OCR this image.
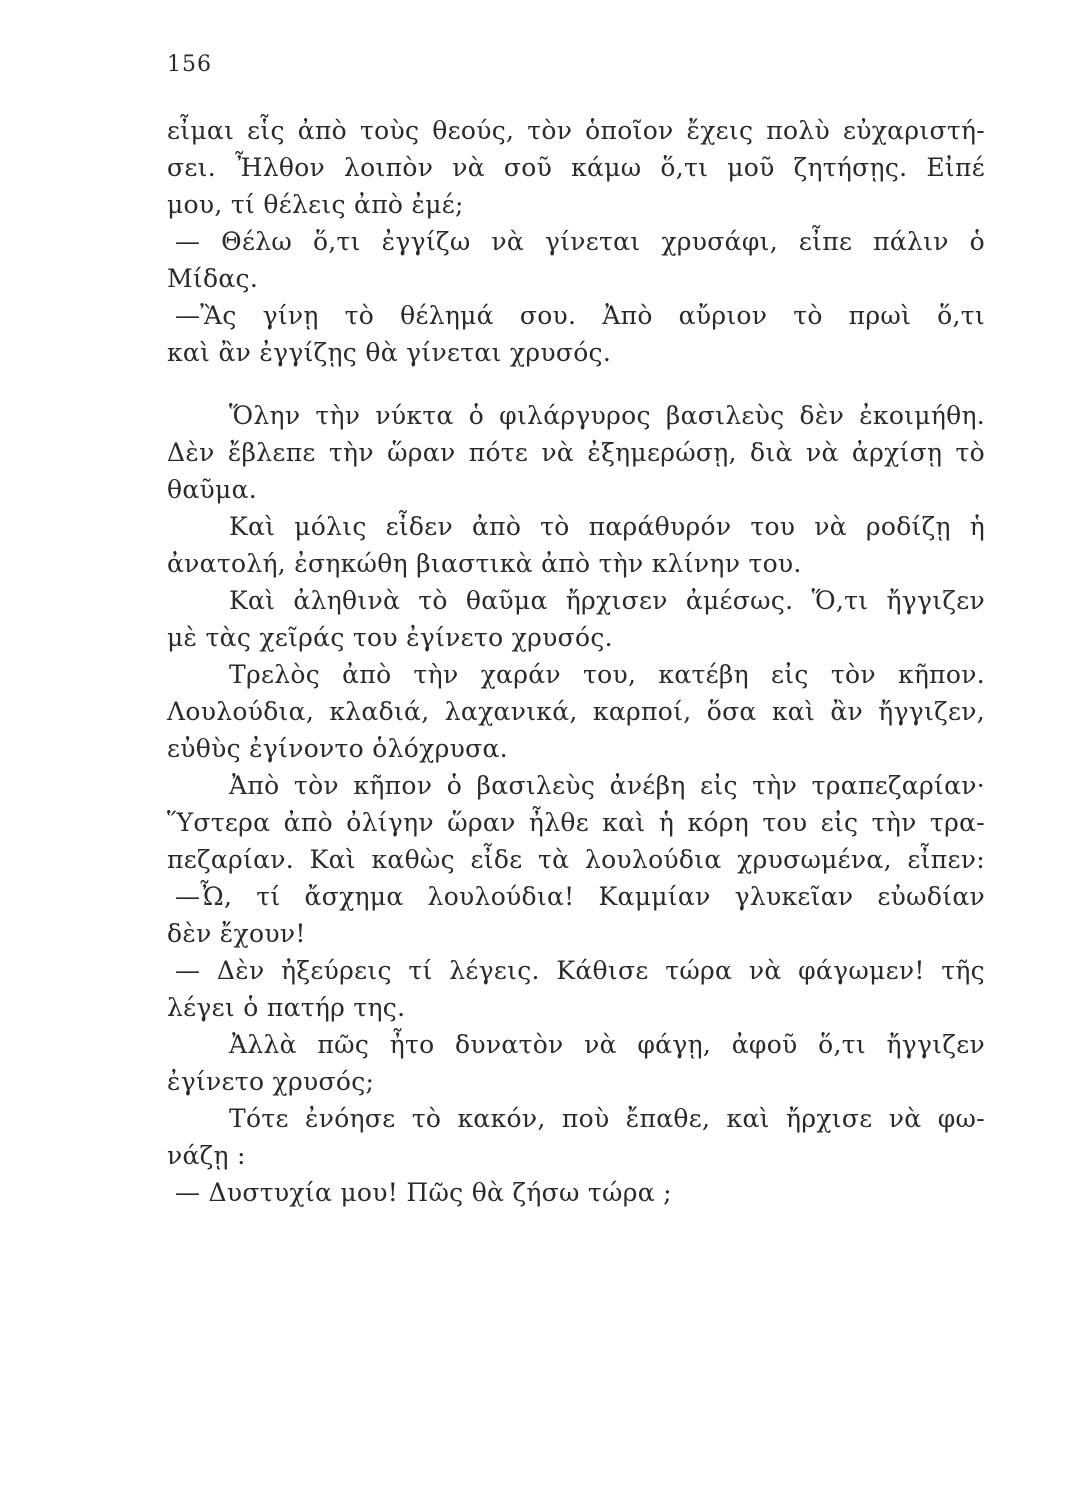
156
εἶμαι εἷς ἀπὸ τοὺς θεούς, τὸν ὁποῖον ἔχεις πολὺ εὐχαριστή-
σει. Ἦλθον λοιπὸν νὰ σοῦ κάμω ὅ,τι μοῦ ζητήσῃς. Εἰπέ
μου, τί θέλεις ἀπὸ ἐμέ;
— Θέλω ὅ,τι ἐγγίζω νὰ γίνεται χρυσάφι, εἶπε πάλιν ὁ
Μίδας.
—Ἂς γίνῃ τὸ θέλημά σου. Ἀπὸ αὔριον τὸ πρωὶ ὅ,τι
καὶ ἂν ἐγγίζῃς θὰ γίνεται χρυσός.
Ὅλην τὴν νύκτα ὁ φιλάργυρος βασιλεὺς δὲν ἐκοιμήθη.
Δὲν ἔβλεπε τὴν ὥραν πότε νὰ ἐξημερώσῃ, διὰ νὰ ἀρχίσῃ τὸ
θαῦμα.
Καὶ μόλις εἶδεν ἀπὸ τὸ παράθυρόν του νὰ ροδίζῃ ἡ
ἀνατολή, ἐσηκώθη βιαστικὰ ἀπὸ τὴν κλίνην του.
Καὶ ἀληθινὰ τὸ θαῦμα ἤρχισεν ἀμέσως. Ὅ,τι ἤγγιζεν
μὲ τὰς χεῖράς του ἐγίνετο χρυσός.
Τρελὸς ἀπὸ τὴν χαράν του, κατέβη εἰς τὸν κῆπον.
Λουλούδια, κλαδιά, λαχανικά, καρποί, ὅσα καὶ ἂν ἤγγιζεν,
εὐθὺς ἐγίνοντο ὁλόχρυσα.
Ἀπὸ τὸν κῆπον ὁ βασιλεὺς ἀνέβη εἰς τὴν τραπεζαρίαν·
Ὕστερα ἀπὸ ὀλίγην ὥραν ἦλθε καὶ ἡ κόρη του εἰς τὴν τρα-
πεζαρίαν. Καὶ καθὼς εἶδε τὰ λουλούδια χρυσωμένα, εἶπεν:
—Ὦ, τί ἄσχημα λουλούδια! Καμμίαν γλυκεῖαν εὐωδίαν
δὲν ἔχουν!
— Δὲν ἠξεύρεις τί λέγεις. Κάθισε τώρα νὰ φάγωμεν! τῆς
λέγει ὁ πατήρ της.
Ἀλλὰ πῶς ἦτο δυνατὸν νὰ φάγῃ, ἀφοῦ ὅ,τι ἤγγιζεν
ἐγίνετο χρυσός;
Τότε ἐνόησε τὸ κακόν, ποὺ ἔπαθε, καὶ ἤρχισε νὰ φω-
νάζῃ :
— Δυστυχία μου! Πῶς θὰ ζήσω τώρα ;
